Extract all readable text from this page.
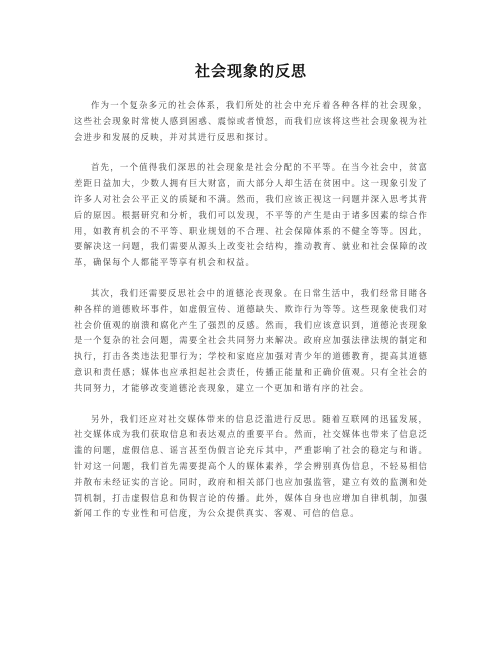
社会现象的反思

作为一个复杂多元的社会体系，我们所处的社会中充斥着各种各样的社会现象，这些社会现象时常使人感到困惑、震惊或者愤怒，而我们应该将这些社会现象视为社会进步和发展的反映，并对其进行反思和探讨。

首先，一个值得我们深思的社会现象是社会分配的不平等。在当今社会中，贫富差距日益加大，少数人拥有巨大财富，而大部分人却生活在贫困中。这一现象引发了许多人对社会公平正义的质疑和不满。然而，我们应该正视这一问题并深入思考其背后的原因。根据研究和分析，我们可以发现，不平等的产生是由于诸多因素的综合作用，如教育机会的不平等、职业规划的不合理、社会保障体系的不健全等等。因此，要解决这一问题，我们需要从源头上改变社会结构，推动教育、就业和社会保障的改革，确保每个人都能平等享有机会和权益。

其次，我们还需要反思社会中的道德沦丧现象。在日常生活中，我们经常目睹各种各样的道德败坏事件，如虚假宣传、道德缺失、欺诈行为等等。这些现象使我们对社会价值观的崩溃和腐化产生了强烈的反感。然而，我们应该意识到，道德沦丧现象是一个复杂的社会问题，需要全社会共同努力来解决。政府应加强法律法规的制定和执行，打击各类违法犯罪行为；学校和家庭应加强对青少年的道德教育，提高其道德意识和责任感；媒体也应承担起社会责任，传播正能量和正确价值观。只有全社会的共同努力，才能够改变道德沦丧现象，建立一个更加和谐有序的社会。

另外，我们还应对社交媒体带来的信息泛滥进行反思。随着互联网的迅猛发展，社交媒体成为我们获取信息和表达观点的重要平台。然而，社交媒体也带来了信息泛滥的问题，虚假信息、谣言甚至伪假言论充斥其中，严重影响了社会的稳定与和谐。针对这一问题，我们首先需要提高个人的媒体素养，学会辨别真伪信息，不轻易相信并散布未经证实的言论。同时，政府和相关部门也应加强监管，建立有效的监测和处罚机制，打击虚假信息和伪假言论的传播。此外，媒体自身也应增加自律机制，加强新闻工作的专业性和可信度，为公众提供真实、客观、可信的信息。
